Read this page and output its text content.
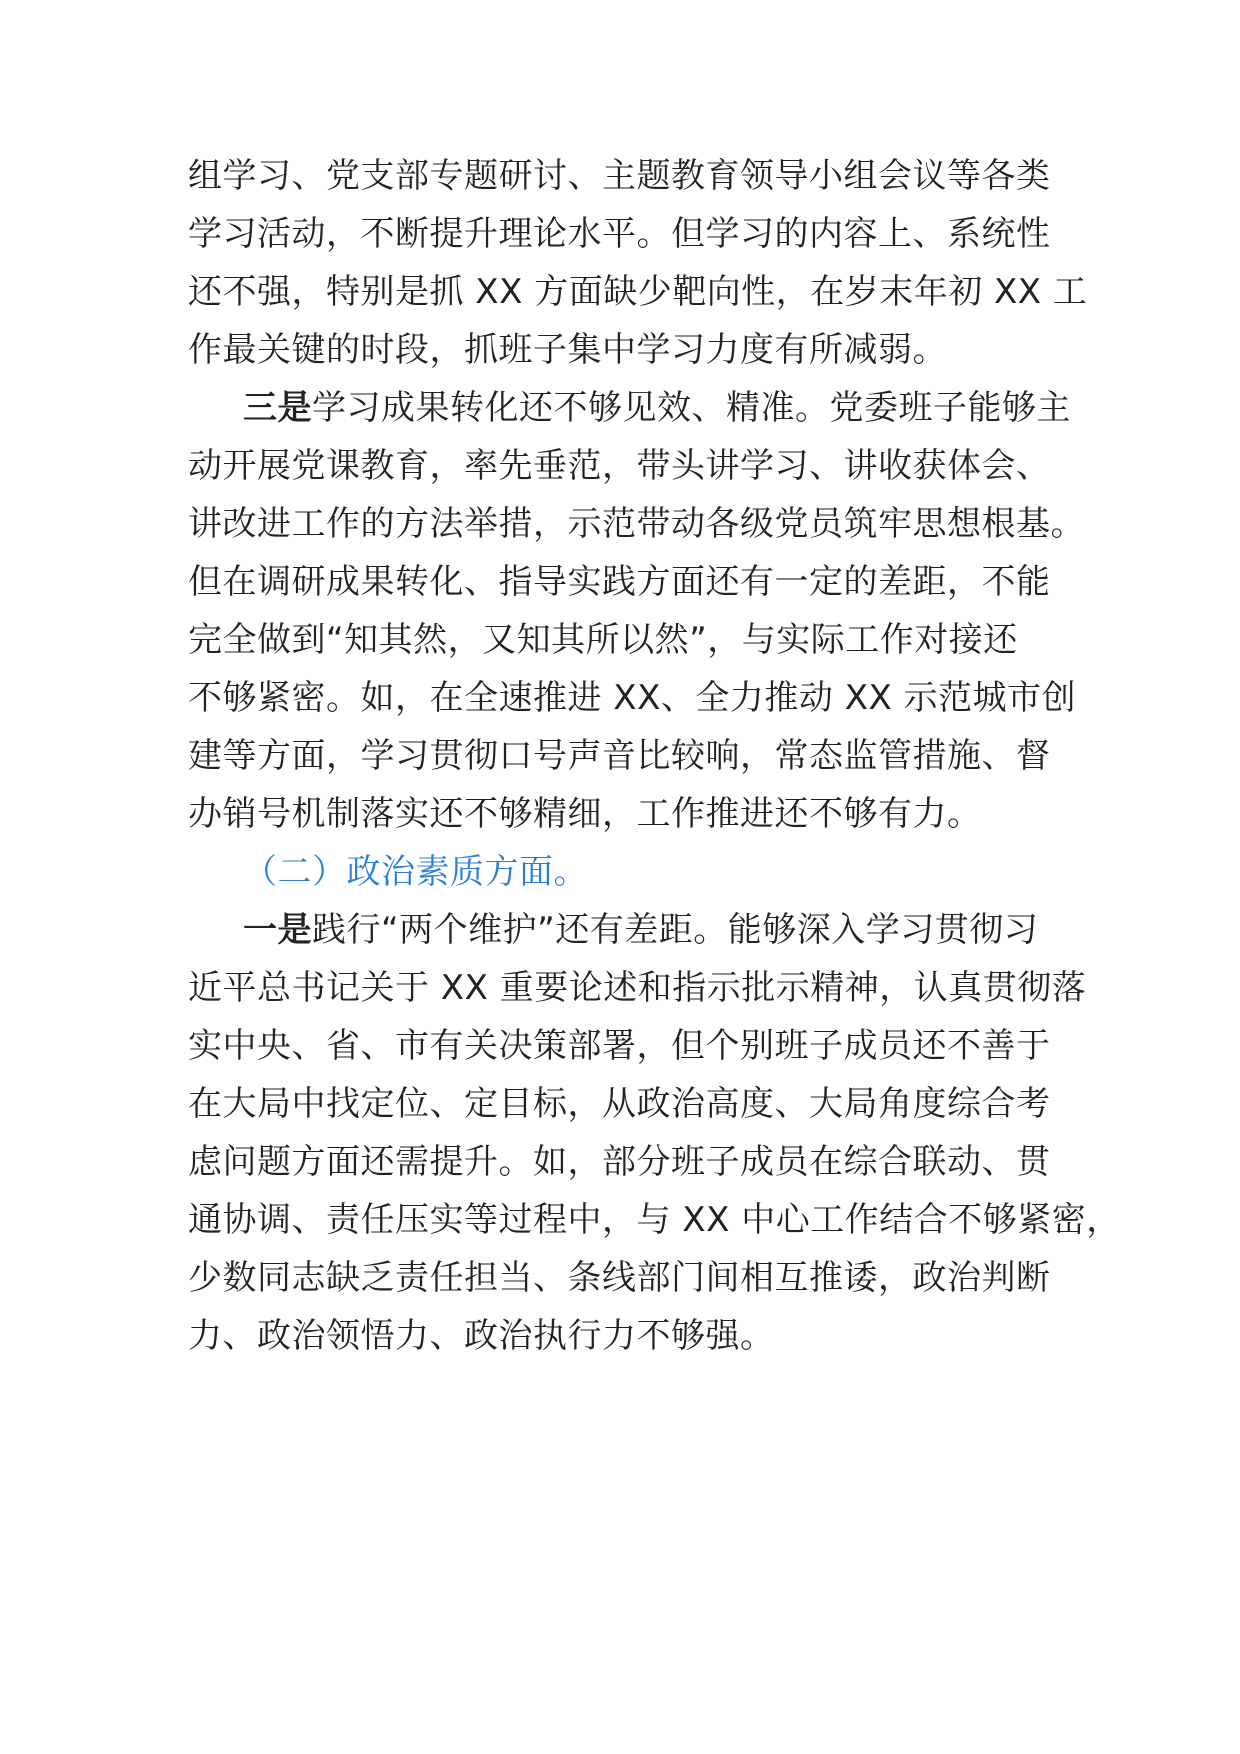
组学习、党支部专题研讨、主题教育领导小组会议等各类
学习活动，不断提升理论水平。但学习的内容上、系统性
还不强，特别是抓 XX 方面缺少靶向性，在岁末年初 XX 工
作最关键的时段，抓班子集中学习力度有所减弱。
三是学习成果转化还不够见效、精准。党委班子能够主
动开展党课教育，率先垂范，带头讲学习、讲收获体会、
讲改进工作的方法举措，示范带动各级党员筑牢思想根基。
但在调研成果转化、指导实践方面还有一定的差距，不能
完全做到“知其然，又知其所以然”，与实际工作对接还
不够紧密。如，在全速推进 XX、全力推动 XX 示范城市创
建等方面，学习贯彻口号声音比较响，常态监管措施、督
办销号机制落实还不够精细，工作推进还不够有力。
（二）政治素质方面。
一是践行“两个维护”还有差距。能够深入学习贯彻习
近平总书记关于 XX 重要论述和指示批示精神，认真贯彻落
实中央、省、市有关决策部署，但个别班子成员还不善于
在大局中找定位、定目标，从政治高度、大局角度综合考
虑问题方面还需提升。如，部分班子成员在综合联动、贯
通协调、责任压实等过程中，与 XX 中心工作结合不够紧密，
少数同志缺乏责任担当、条线部门间相互推诿，政治判断
力、政治领悟力、政治执行力不够强。
